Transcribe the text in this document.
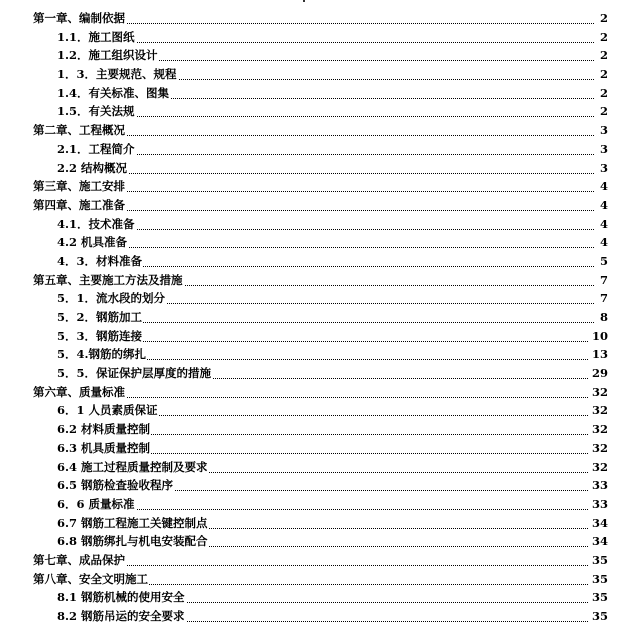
第一章、编制依据	2
1.1．施工图纸	2
1.2．施工组织设计	2
1．3．主要规范、规程	2
1.4．有关标准、图集	2
1.5．有关法规	2
第二章、工程概况	3
2.1．工程简介	3
2.2 结构概况	3
第三章、施工安排	4
第四章、施工准备	4
4.1．技术准备	4
4.2 机具准备	4
4．3．材料准备	5
第五章、主要施工方法及措施	7
5．1．流水段的划分	7
5．2．钢筋加工	8
5．3．钢筋连接	10
5．4.钢筋的绑扎	13
5．5．保证保护层厚度的措施	29
第六章、质量标准	32
6．1 人员素质保证	32
6.2 材料质量控制	32
6.3 机具质量控制	32
6.4 施工过程质量控制及要求	32
6.5 钢筋检查验收程序	33
6．6 质量标准	33
6.7 钢筋工程施工关键控制点	34
6.8 钢筋绑扎与机电安装配合	34
第七章、成品保护	35
第八章、安全文明施工	35
8.1 钢筋机械的使用安全	35
8.2 钢筋吊运的安全要求	35
